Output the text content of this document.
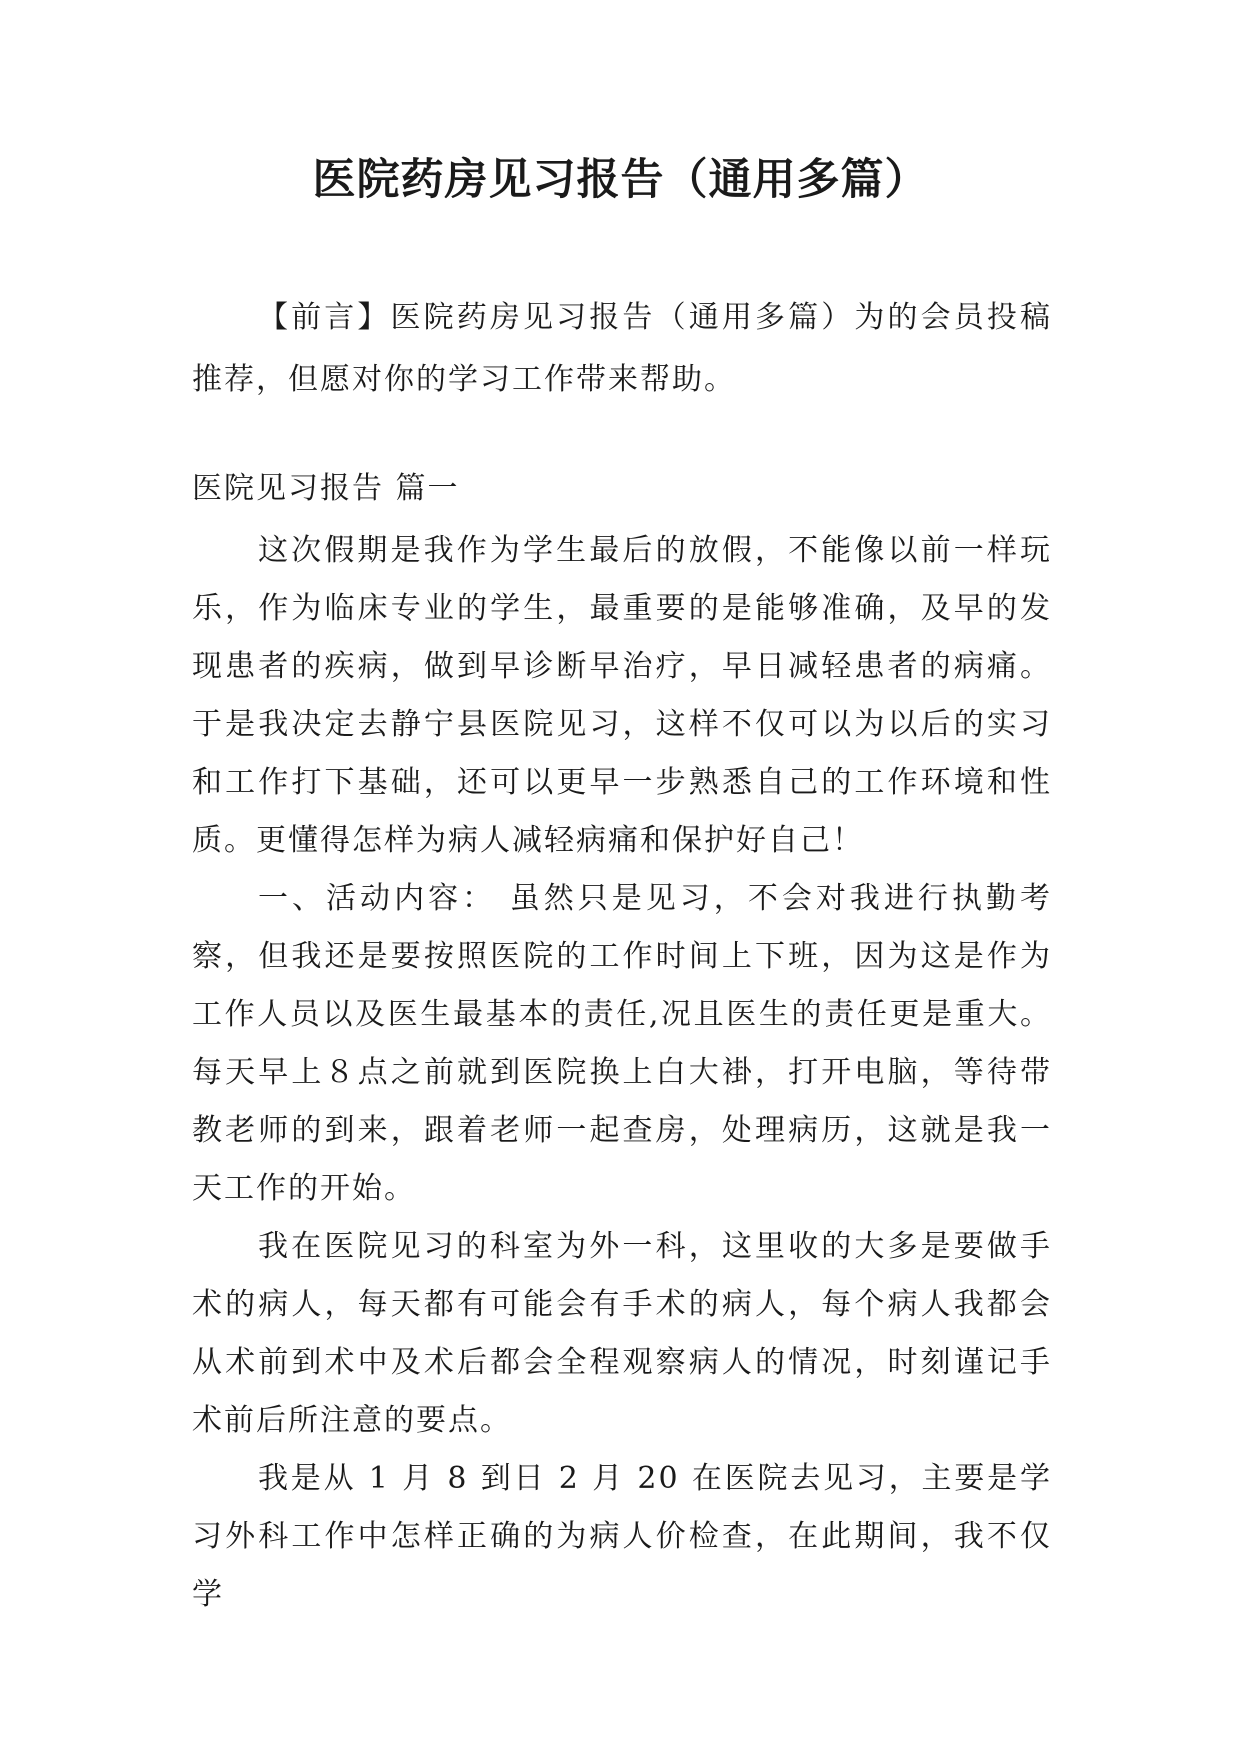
医院药房见习报告（通用多篇）

【前言】医院药房见习报告（通用多篇）为的会员投稿推荐，但愿对你的学习工作带来帮助。

医院见习报告 篇一

这次假期是我作为学生最后的放假，不能像以前一样玩乐，作为临床专业的学生，最重要的是能够准确，及早的发现患者的疾病，做到早诊断早治疗，早日减轻患者的病痛。于是我决定去静宁县医院见习，这样不仅可以为以后的实习和工作打下基础，还可以更早一步熟悉自己的工作环境和性质。更懂得怎样为病人减轻病痛和保护好自己！

一、活动内容： 虽然只是见习，不会对我进行执勤考察，但我还是要按照医院的工作时间上下班，因为这是作为工作人员以及医生最基本的责任,况且医生的责任更是重大。每天早上８点之前就到医院换上白大褂，打开电脑，等待带教老师的到来，跟着老师一起查房，处理病历，这就是我一天工作的开始。

我在医院见习的科室为外一科，这里收的大多是要做手术的病人，每天都有可能会有手术的病人，每个病人我都会从术前到术中及术后都会全程观察病人的情况，时刻谨记手术前后所注意的要点。

我是从 1 月 8 到日 2 月 20 在医院去见习，主要是学习外科工作中怎样正确的为病人价检查，在此期间，我不仅学
